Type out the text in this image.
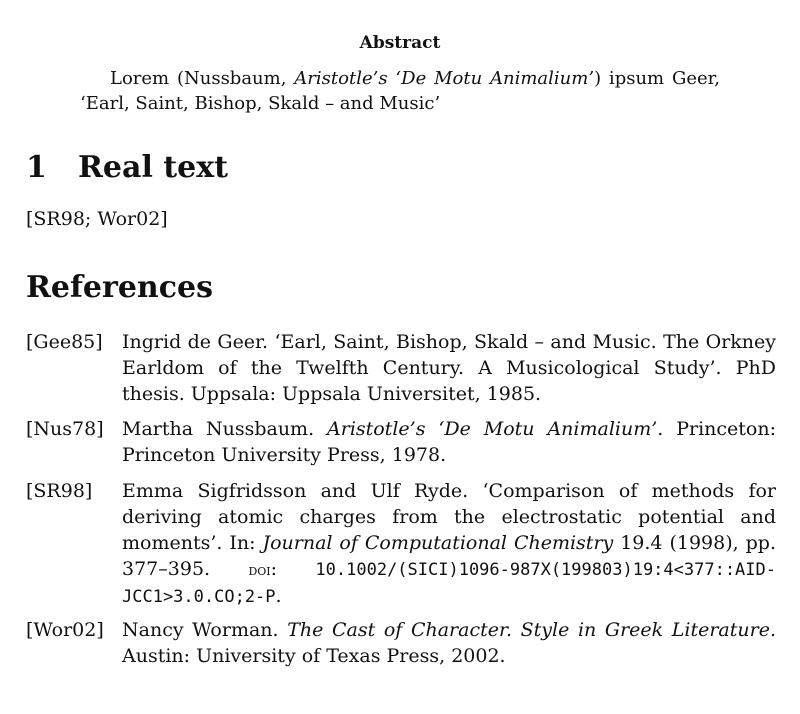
Abstract
Lorem (Nussbaum, Aristotle’s ‘De Motu Animalium’) ipsum Geer, ‘Earl, Saint, Bishop, Skald – and Music’
1 Real text
[SR98; Wor02]
References
[Gee85] Ingrid de Geer. ‘Earl, Saint, Bishop, Skald – and Music. The Orkney Earldom of the Twelfth Century. A Musicological Study’. PhD thesis. Uppsala: Uppsala Universitet, 1985.
[Nus78] Martha Nussbaum. Aristotle’s ‘De Motu Animalium’. Princeton: Princeton University Press, 1978.
[SR98] Emma Sigfridsson and Ulf Ryde. ‘Comparison of methods for deriving atomic charges from the electrostatic potential and moments’. In: Journal of Computational Chemistry 19.4 (1998), pp. 377–395. doi: 10.1002/(SICI)1096-987X(199803)19:4<377::AID-JCC1>3.0.CO;2-P.
[Wor02] Nancy Worman. The Cast of Character. Style in Greek Literature. Austin: University of Texas Press, 2002.
